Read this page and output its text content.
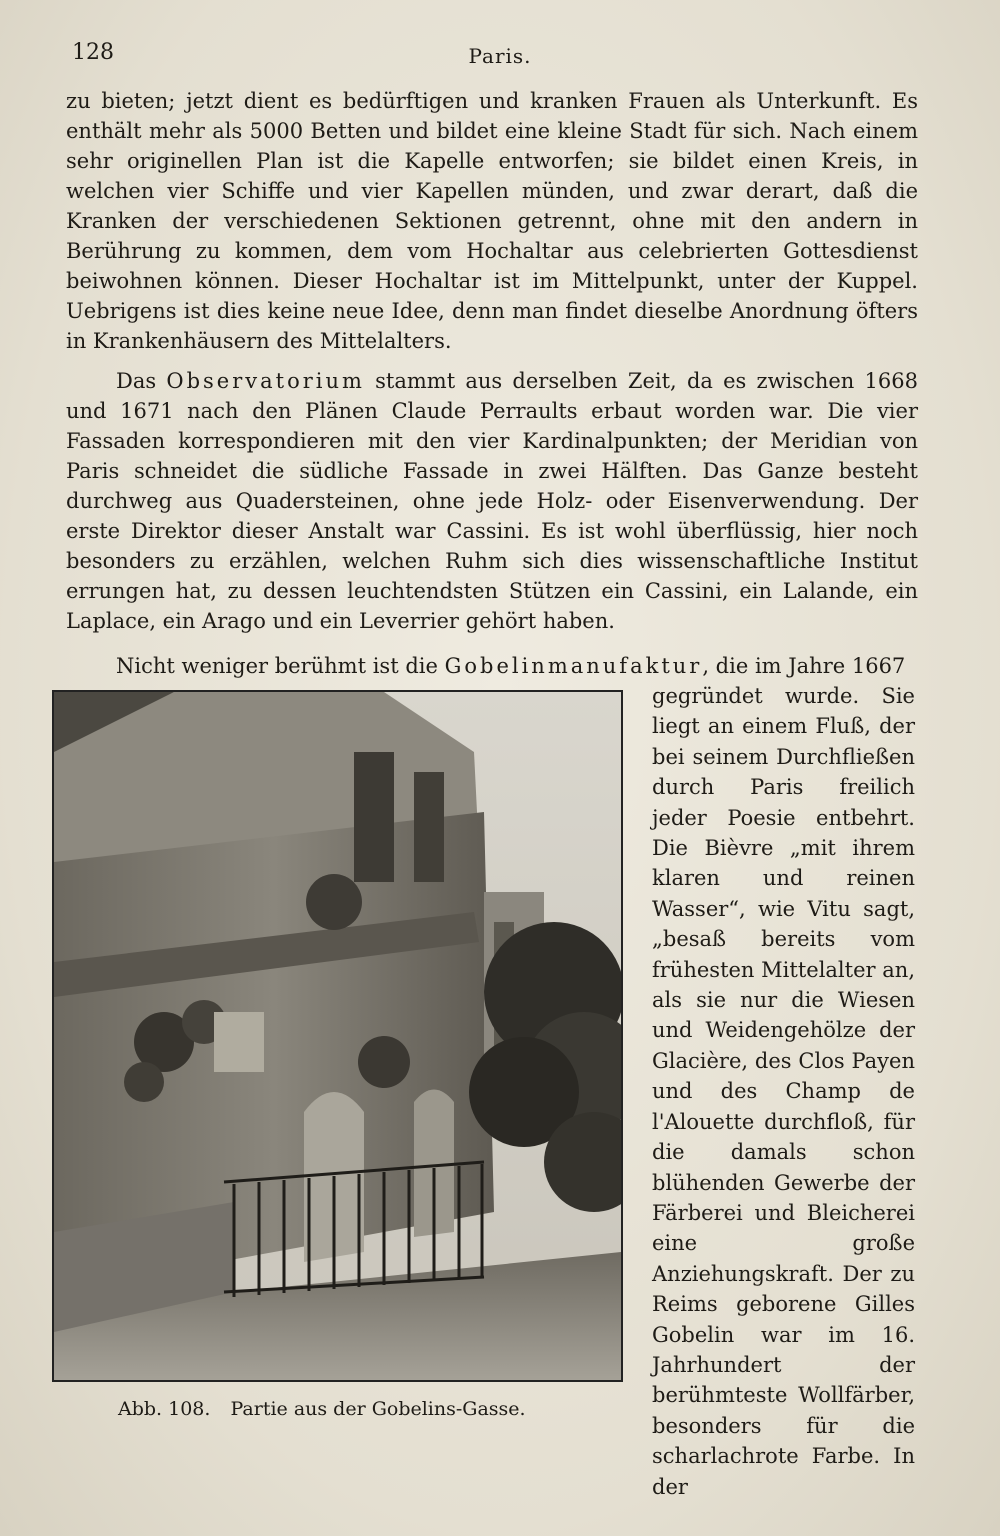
128	Paris.

zu bieten; jetzt dient es bedürftigen und kranken Frauen als Unterkunft. Es enthält mehr als 5000 Betten und bildet eine kleine Stadt für sich. Nach einem sehr originellen Plan ist die Kapelle entworfen; sie bildet einen Kreis, in welchen vier Schiffe und vier Kapellen münden, und zwar derart, daß die Kranken der verschiedenen Sektionen getrennt, ohne mit den andern in Berührung zu kommen, dem vom Hochaltar aus celebrierten Gottesdienst beiwohnen können. Dieser Hochaltar ist im Mittelpunkt, unter der Kuppel. Uebrigens ist dies keine neue Idee, denn man findet dieselbe Anordnung öfters in Krankenhäusern des Mittelalters.

Das Observatorium stammt aus derselben Zeit, da es zwischen 1668 und 1671 nach den Plänen Claude Perraults erbaut worden war. Die vier Fassaden korrespondieren mit den vier Kardinalpunkten; der Meridian von Paris schneidet die südliche Fassade in zwei Hälften. Das Ganze besteht durchweg aus Quadersteinen, ohne jede Holz- oder Eisenverwendung. Der erste Direktor dieser Anstalt war Cassini. Es ist wohl überflüssig, hier noch besonders zu erzählen, welchen Ruhm sich dies wissenschaftliche Institut errungen hat, zu dessen leuchtendsten Stützen ein Cassini, ein Lalande, ein Laplace, ein Arago und ein Leverrier gehört haben.

Nicht weniger berühmt ist die Gobelinmanufaktur, die im Jahre 1667

gegründet wurde. Sie liegt an einem Fluß, der bei seinem Durchfließen durch Paris freilich jeder Poesie entbehrt. Die Bièvre „mit ihrem klaren und reinen Wasser“, wie Vitu sagt, „besaß bereits vom frühesten Mittelalter an, als sie nur die Wiesen und Weidengehölze der Glacière, des Clos Payen und des Champ de l'Alouette durchfloß, für die damals schon blühenden Gewerbe der Färberei und Bleicherei eine große Anziehungskraft. Der zu Reims geborene Gilles Gobelin war im 16. Jahrhundert der berühmteste Wollfärber, besonders für die scharlachrote Farbe. In der

Abb. 108. Partie aus der Gobelins-Gasse.
